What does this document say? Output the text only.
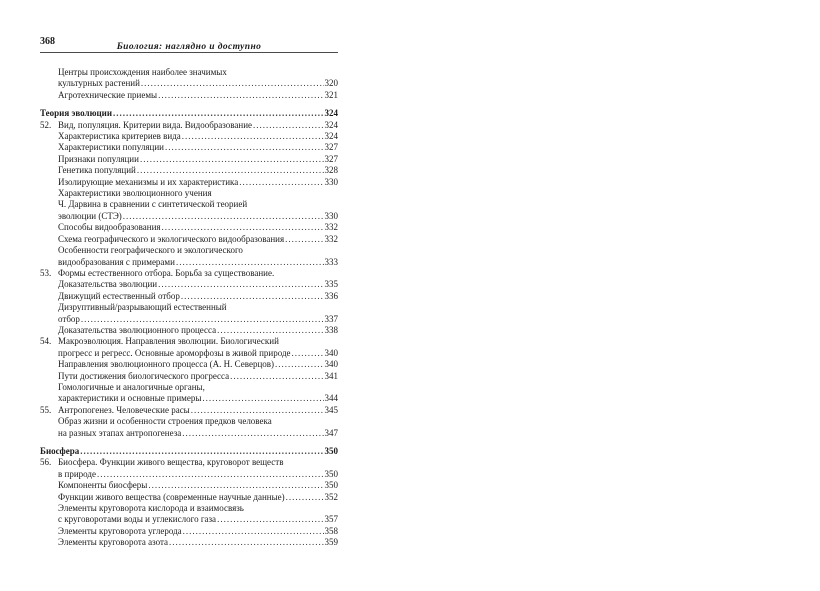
368	Биология: наглядно и доступно
Центры происхождения наиболее значимых
культурных растений .....	320
Агротехнические приемы .....	321
Теория эволюции .....	324
52. Вид, популяция. Критерии вида. Видообразование .....	324
Характеристика критериев вида .....	324
Характеристики популяции .....	327
Признаки популяции .....	327
Генетика популяций .....	328
Изолирующие механизмы и их характеристика .....	330
Характеристики эволюционного учения
Ч. Дарвина в сравнении с синтетической теорией
эволюции (СТЭ) .....	330
Способы видообразования .....	332
Схема географического и экологического видообразования .....	332
Особенности географического и экологического
видообразования с примерами .....	333
53. Формы естественного отбора. Борьба за существование.
Доказательства эволюции .....	335
Движущий естественный отбор .....	336
Дизруптивный/разрывающий естественный
отбор .....	337
Доказательства эволюционного процесса .....	338
54. Макроэволюция. Направления эволюции. Биологический
прогресс и регресс. Основные ароморфозы в живой природе .....	340
Направления эволюционного процесса (А. Н. Северцов) .....	340
Пути достижения биологического прогресса .....	341
Гомологичные и аналогичные органы,
характеристики и основные примеры .....	344
55. Антропогенез. Человеческие расы .....	345
Образ жизни и особенности строения предков человека
на разных этапах антропогенеза .....	347
Биосфера .....	350
56. Биосфера. Функции живого вещества, круговорот веществ
в природе .....	350
Компоненты биосферы .....	350
Функции живого вещества (современные научные данные) .....	352
Элементы круговорота кислорода и взаимосвязь
с круговоротами воды и углекислого газа .....	357
Элементы круговорота углерода .....	358
Элементы круговорота азота .....	359
